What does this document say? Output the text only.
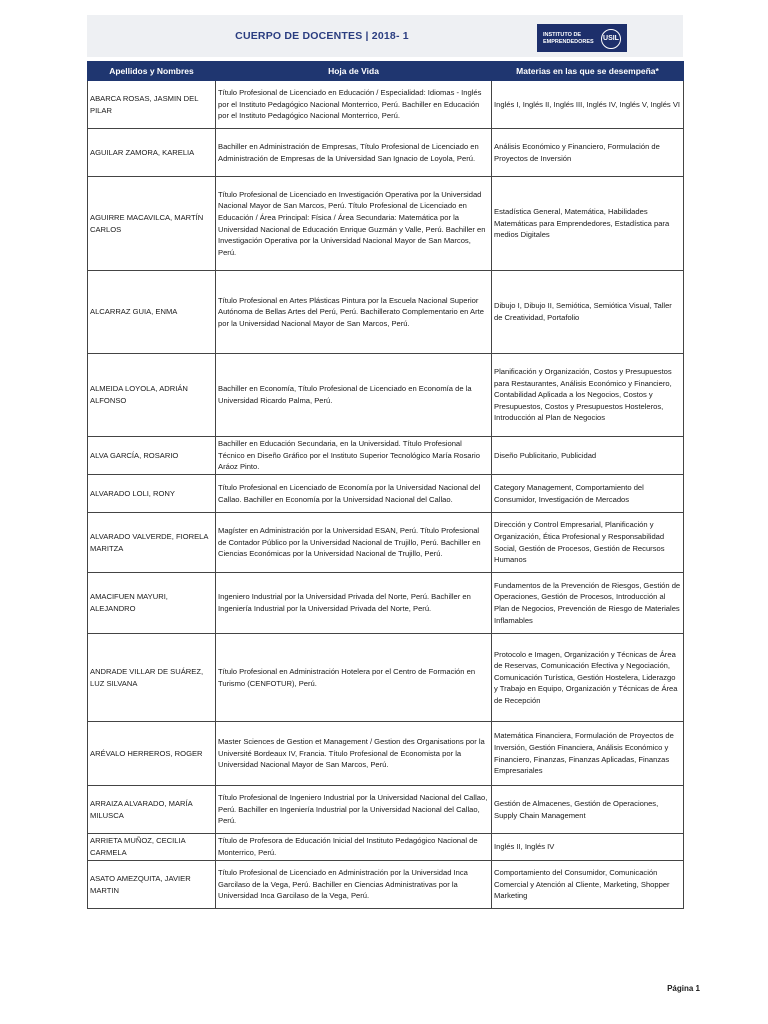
CUERPO DE DOCENTES | 2018- 1	INSTITUTO DE
EMPRENDEDORES USIL
Apellidos y Nombres	Hoja de Vida	Materias en las que se desempeña*
ABARCA ROSAS, JASMIN DEL PILAR	Título Profesional de Licenciado en Educación / Especialidad: Idiomas - Inglés por el Instituto Pedagógico Nacional Monterrico, Perú. Bachiller en Educación por el Instituto Pedagógico Nacional Monterrico, Perú.	Inglés I, Inglés II, Inglés III, Inglés IV, Inglés V, Inglés VI
AGUILAR ZAMORA, KARELIA	Bachiller en Administración de Empresas, Título Profesional de Licenciado en Administración de Empresas de la Universidad San Ignacio de Loyola, Perú.	Análisis Económico y Financiero, Formulación de Proyectos de Inversión
AGUIRRE MACAVILCA, MARTÍN CARLOS	Título Profesional de Licenciado en Investigación Operativa por la Universidad Nacional Mayor de San Marcos, Perú. Título Profesional de Licenciado en Educación / Área Principal: Física / Área Secundaria: Matemática por la Universidad Nacional de Educación Enrique Guzmán y Valle, Perú. Bachiller en Investigación Operativa por la Universidad Nacional Mayor de San Marcos, Perú.	Estadística General, Matemática, Habilidades Matemáticas para Emprendedores, Estadística para medios Digitales
ALCARRAZ GUIA, ENMA	Título Profesional en Artes Plásticas Pintura por la Escuela Nacional Superior Autónoma de Bellas Artes del Perú, Perú. Bachillerato Complementario en Arte por la Universidad Nacional Mayor de San Marcos, Perú.	Dibujo I, Dibujo II, Semiótica, Semiótica Visual, Taller de Creatividad, Portafolio
ALMEIDA LOYOLA, ADRIÁN ALFONSO	Bachiller en Economía, Título Profesional de Licenciado en Economía de la Universidad Ricardo Palma, Perú.	Planificación y Organización, Costos y Presupuestos para Restaurantes, Análisis Económico y Financiero, Contabilidad Aplicada a los Negocios, Costos y Presupuestos, Costos y Presupuestos Hosteleros, Introducción al Plan de Negocios
ALVA GARCÍA, ROSARIO	Bachiller en Educación Secundaria, en la Universidad. Título Profesional Técnico en Diseño Gráfico por el Instituto Superior Tecnológico María Rosario Aráoz Pinto.	Diseño Publicitario, Publicidad
ALVARADO LOLI, RONY	Título Profesional en Licenciado de Economía por la Universidad Nacional del Callao. Bachiller en Economía por la Universidad Nacional del Callao.	Category Management, Comportamiento del Consumidor, Investigación de Mercados
ALVARADO VALVERDE, FIORELA MARITZA	Magíster en Administración por la Universidad ESAN, Perú. Título Profesional de Contador Público por la Universidad Nacional de Trujillo, Perú. Bachiller en Ciencias Económicas por la Universidad Nacional de Trujillo, Perú.	Dirección y Control Empresarial, Planificación y Organización, Ética Profesional y Responsabilidad Social, Gestión de Procesos, Gestión de Recursos Humanos
AMACIFUEN MAYURI, ALEJANDRO	Ingeniero Industrial por la Universidad Privada del Norte, Perú. Bachiller en Ingeniería Industrial por la Universidad Privada del Norte, Perú.	Fundamentos de la Prevención de Riesgos, Gestión de Operaciones, Gestión de Procesos, Introducción al Plan de Negocios, Prevención de Riesgo de Materiales Inflamables
ANDRADE VILLAR DE SUÁREZ, LUZ SILVANA	Título Profesional en Administración Hotelera por el Centro de Formación en Turismo (CENFOTUR), Perú.	Protocolo e Imagen, Organización y Técnicas de Área de Reservas, Comunicación Efectiva y Negociación, Comunicación Turística, Gestión Hostelera, Liderazgo y Trabajo en Equipo, Organización y Técnicas de Área de Recepción
ARÉVALO HERREROS, ROGER	Master Sciences de Gestion et Management / Gestion des Organisations por la Université Bordeaux IV, Francia. Título Profesional de Economista por la Universidad Nacional Mayor de San Marcos, Perú.	Matemática Financiera, Formulación de Proyectos de Inversión, Gestión Financiera, Análisis Económico y Financiero, Finanzas, Finanzas Aplicadas, Finanzas Empresariales
ARRAIZA ALVARADO, MARÍA MILUSCA	Título Profesional de Ingeniero Industrial por la Universidad Nacional del Callao, Perú. Bachiller en Ingeniería Industrial por la Universidad Nacional del Callao, Perú.	Gestión de Almacenes, Gestión de Operaciones, Supply Chain Management
ARRIETA MUÑOZ, CECILIA CARMELA	Título de Profesora de Educación Inicial del Instituto Pedagógico Nacional de Monterrico, Perú.	Inglés II, Inglés IV
ASATO AMEZQUITA, JAVIER MARTIN	Título Profesional de Licenciado en Administración por la Universidad Inca Garcilaso de la Vega, Perú. Bachiller en Ciencias Administrativas por la Universidad Inca Garcilaso de la Vega, Perú.	Comportamiento del Consumidor, Comunicación Comercial y Atención al Cliente, Marketing, Shopper Marketing
Página 1
